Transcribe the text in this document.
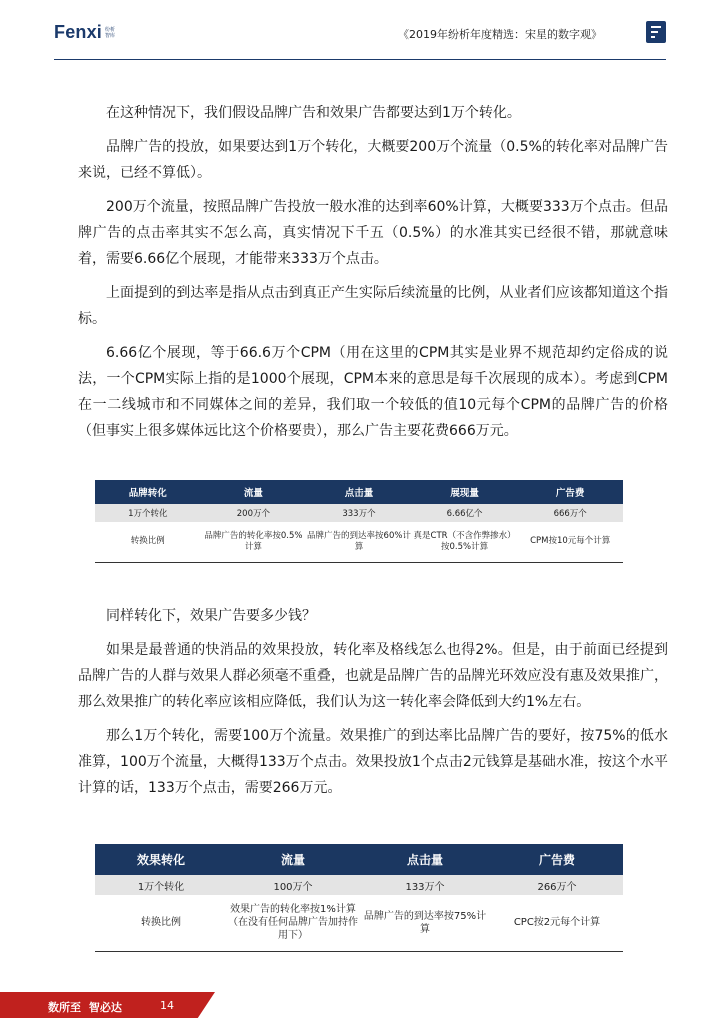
Fenxi 纷析
智库	《2019年纷析年度精选：宋星的数字观》

在这种情况下，我们假设品牌广告和效果广告都要达到1万个转化。

品牌广告的投放，如果要达到1万个转化，大概要200万个流量（0.5%的转化率对品牌广告来说，已经不算低）。

200万个流量，按照品牌广告投放一般水准的达到率60%计算，大概要333万个点击。但品牌广告的点击率其实不怎么高，真实情况下千五（0.5%）的水准其实已经很不错，那就意味着，需要6.66亿个展现，才能带来333万个点击。

上面提到的到达率是指从点击到真正产生实际后续流量的比例，从业者们应该都知道这个指标。

6.66亿个展现，等于66.6万个CPM（用在这里的CPM其实是业界不规范却约定俗成的说法，一个CPM实际上指的是1000个展现，CPM本来的意思是每千次展现的成本）。考虑到CPM在一二线城市和不同媒体之间的差异，我们取一个较低的值10元每个CPM的品牌广告的价格（但事实上很多媒体远比这个价格要贵），那么广告主要花费666万元。

品牌转化	流量	点击量	展现量	广告费
1万个转化	200万个	333万个	6.66亿个	666万个
转换比例	品牌广告的转化率按0.5%计算	品牌广告的到达率按60%计算	真是CTR（不含作弊掺水）按0.5%计算	CPM按10元每个计算

同样转化下，效果广告要多少钱？

如果是最普通的快消品的效果投放，转化率及格线怎么也得2%。但是，由于前面已经提到品牌广告的人群与效果人群必须毫不重叠，也就是品牌广告的品牌光环效应没有惠及效果推广，那么效果推广的转化率应该相应降低，我们认为这一转化率会降低到大约1%左右。

那么1万个转化，需要100万个流量。效果推广的到达率比品牌广告的要好，按75%的低水准算，100万个流量，大概得133万个点击。效果投放1个点击2元钱算是基础水准，按这个水平计算的话，133万个点击，需要266万元。

效果转化	流量	点击量	广告费
1万个转化	100万个	133万个	266万个
转换比例	效果广告的转化率按1%计算（在没有任何品牌广告加持作用下）	品牌广告的到达率按75%计算	CPC按2元每个计算
数所至 智必达	14
